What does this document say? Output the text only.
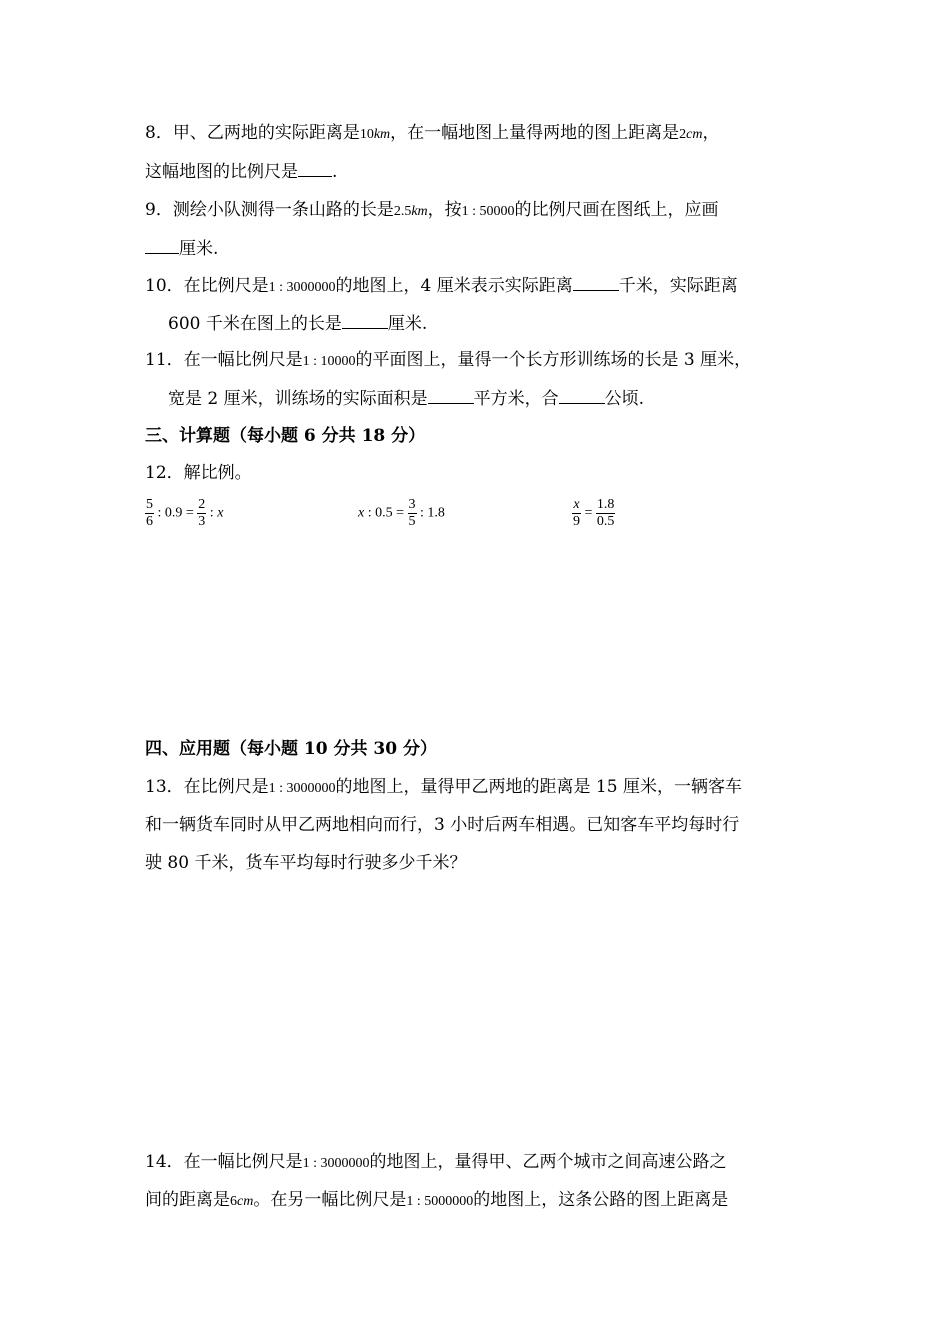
8．甲、乙两地的实际距离是10km，在一幅地图上量得两地的图上距离是2cm，
这幅地图的比例尺是 .
9．测绘小队测得一条山路的长是2.5km，按1 : 50000的比例尺画在图纸上，应画
厘米.
10．在比例尺是1 : 3000000的地图上，4 厘米表示实际距离	千米，实际距离
600 千米在图上的长是	厘米.
11．在一幅比例尺是1 : 10000的平面图上，量得一个长方形训练场的长是 3 厘米，
宽是 2 厘米，训练场的实际面积是	平方米，合	公顷.
三、计算题（每小题 6 分共 18 分）
12．解比例。
$\frac{5}{6}$ : $0.9 = \frac{2}{3}$ : x	x : $0.5 = \frac{3}{5}$ : 1.8	$\frac{x}{9} = \frac{1.8}{0.5}$
四、应用题（每小题 10 分共 30 分）
13．在比例尺是1 : 3000000的地图上，量得甲乙两地的距离是 15 厘米，一辆客车
和一辆货车同时从甲乙两地相向而行，3 小时后两车相遇。已知客车平均每时行
驶 80 千米，货车平均每时行驶多少千米？
14．在一幅比例尺是1 : 3000000的地图上，量得甲、乙两个城市之间高速公路之
间的距离是6cm。在另一幅比例尺是1 : 5000000的地图上，这条公路的图上距离是
